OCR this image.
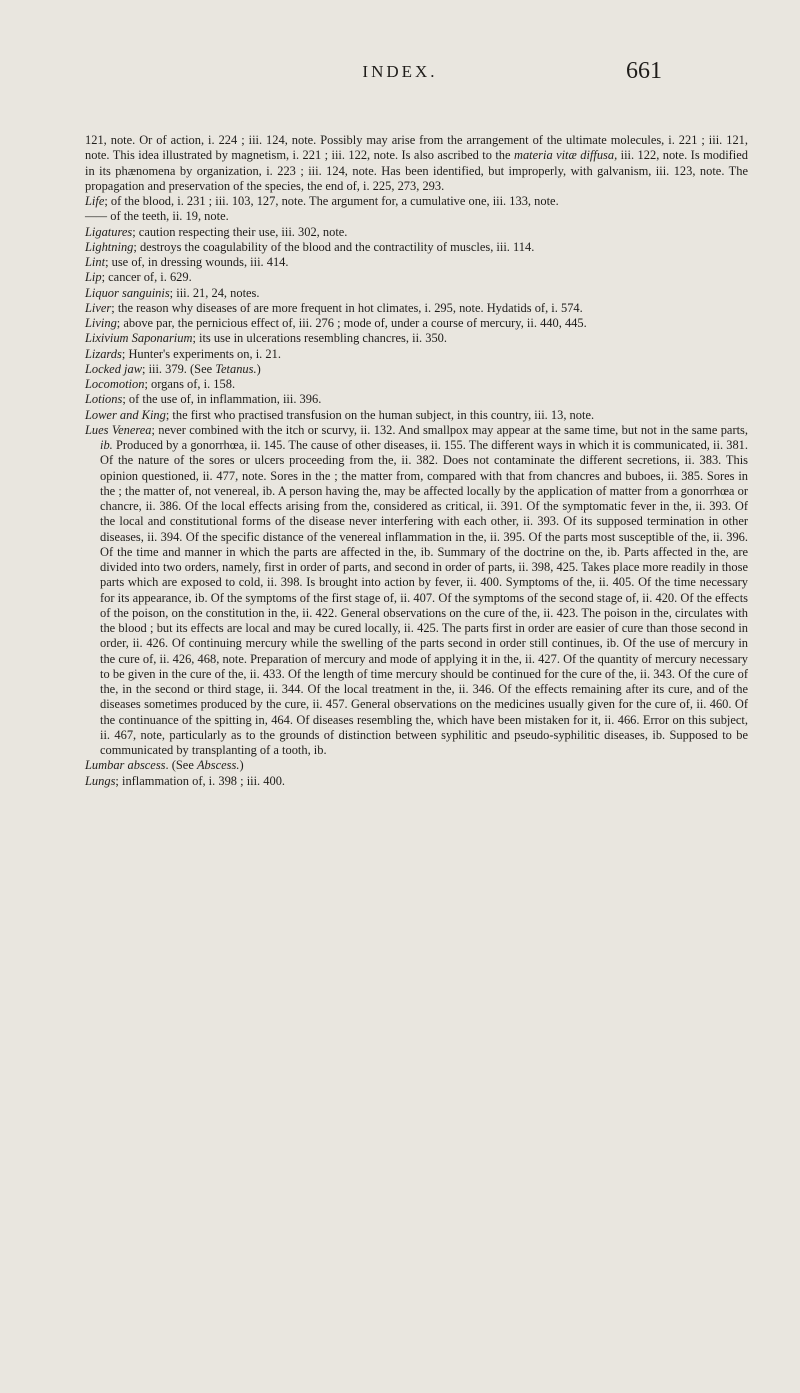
INDEX.	661

121, note. Or of action, i. 224 ; iii. 124, note. Possibly may arise from the arrangement of the ultimate molecules, i. 221 ; iii. 121, note. This idea illustrated by magnetism, i. 221 ; iii. 122, note. Is also ascribed to the materia vitæ diffusa, iii. 122, note. Is modified in its phænomena by organization, i. 223 ; iii. 124, note. Has been identified, but improperly, with galvanism, iii. 123, note. The propagation and preservation of the species, the end of, i. 225, 273, 293.

Life; of the blood, i. 231 ; iii. 103, 127, note. The argument for, a cumulative one, iii. 133, note.

—— of the teeth, ii. 19, note.

Ligatures; caution respecting their use, iii. 302, note.

Lightning; destroys the coagulability of the blood and the contractility of muscles, iii. 114.

Lint; use of, in dressing wounds, iii. 414.

Lip; cancer of, i. 629.

Liquor sanguinis; iii. 21, 24, notes.

Liver; the reason why diseases of are more frequent in hot climates, i. 295, note. Hydatids of, i. 574.

Living; above par, the pernicious effect of, iii. 276 ; mode of, under a course of mercury, ii. 440, 445.

Lixivium Saponarium; its use in ulcerations resembling chancres, ii. 350.

Lizards; Hunter's experiments on, i. 21.

Locked jaw; iii. 379. (See Tetanus.)

Locomotion; organs of, i. 158.

Lotions; of the use of, in inflammation, iii. 396.

Lower and King; the first who practised transfusion on the human subject, in this country, iii. 13, note.

Lues Venerea; never combined with the itch or scurvy, ii. 132. And smallpox may appear at the same time, but not in the same parts, ib. Produced by a gonorrhœa, ii. 145. The cause of other diseases, ii. 155. The different ways in which it is communicated, ii. 381. Of the nature of the sores or ulcers proceeding from the, ii. 382. Does not contaminate the different secretions, ii. 383. This opinion questioned, ii. 477, note. Sores in the ; the matter from, compared with that from chancres and buboes, ii. 385. Sores in the ; the matter of, not venereal, ib. A person having the, may be affected locally by the application of matter from a gonorrhœa or chancre, ii. 386. Of the local effects arising from the, considered as critical, ii. 391. Of the symptomatic fever in the, ii. 393. Of the local and constitutional forms of the disease never interfering with each other, ii. 393. Of its supposed termination in other diseases, ii. 394. Of the specific distance of the venereal inflammation in the, ii. 395. Of the parts most susceptible of the, ii. 396. Of the time and manner in which the parts are affected in the, ib. Summary of the doctrine on the, ib. Parts affected in the, are divided into two orders, namely, first in order of parts, and second in order of parts, ii. 398, 425. Takes place more readily in those parts which are exposed to cold, ii. 398. Is brought into action by fever, ii. 400. Symptoms of the, ii. 405. Of the time necessary for its appearance, ib. Of the symptoms of the first stage of, ii. 407. Of the symptoms of the second stage of, ii. 420. Of the effects of the poison, on the constitution in the, ii. 422. General observations on the cure of the, ii. 423. The poison in the, circulates with the blood ; but its effects are local and may be cured locally, ii. 425. The parts first in order are easier of cure than those second in order, ii. 426. Of continuing mercury while the swelling of the parts second in order still continues, ib. Of the use of mercury in the cure of, ii. 426, 468, note. Preparation of mercury and mode of applying it in the, ii. 427. Of the quantity of mercury necessary to be given in the cure of the, ii. 433. Of the length of time mercury should be continued for the cure of the, ii. 343. Of the cure of the, in the second or third stage, ii. 344. Of the local treatment in the, ii. 346. Of the effects remaining after its cure, and of the diseases sometimes produced by the cure, ii. 457. General observations on the medicines usually given for the cure of, ii. 460. Of the continuance of the spitting in, 464. Of diseases resembling the, which have been mistaken for it, ii. 466. Error on this subject, ii. 467, note, particularly as to the grounds of distinction between syphilitic and pseudo-syphilitic diseases, ib. Supposed to be communicated by transplanting of a tooth, ib.

Lumbar abscess. (See Abscess.)

Lungs; inflammation of, i. 398 ; iii. 400.
